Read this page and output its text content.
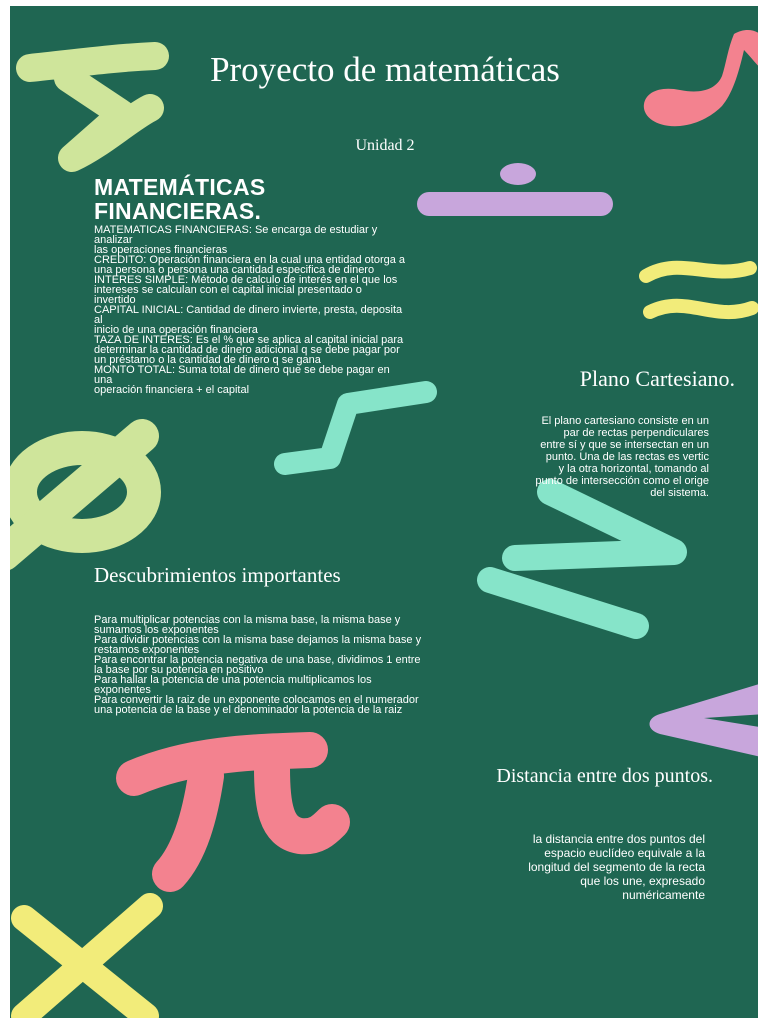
Proyecto de matemáticas
Unidad 2
MATEMÁTICAS FINANCIERAS.
MATEMATICAS FINANCIERAS: Se encarga de estudiar y
analizar
las operaciones financieras
CREDITO: Operación financiera en la cual una entidad otorga a
una persona o persona una cantidad especifica de dinero
INTERES SIMPLE: Método de calculo de interés en el que los
intereses se calculan con el capital inicial presentado o
invertido
CAPITAL INICIAL: Cantidad de dinero invierte, presta, deposita
al
inicio de una operación financiera
TAZA DE INTERES: Es el % que se aplica al capital inicial para
determinar la cantidad de dinero adicional q se debe pagar por
un préstamo o la cantidad de dinero q se gana
MONTO TOTAL: Suma total de dinero que se debe pagar en
una
operación financiera + el capital	Plano Cartesiano.
El plano cartesiano consiste en un
par de rectas perpendiculares
entre sí y que se intersectan en un
punto. Una de las rectas es vertic
y la otra horizontal, tomando al
punto de intersección como el orige
del sistema.
Descubrimientos importantes
Para multiplicar potencias con la misma base, la misma base y
sumamos los exponentes
Para dividir potencias con la misma base dejamos la misma base y
restamos exponentes
Para encontrar la potencia negativa de una base, dividimos 1 entre
la base por su potencia en positivo
Para hallar la potencia de una potencia multiplicamos los
exponentes
Para convertir la raiz de un exponente colocamos en el numerador
una potencia de la base y el denominador la potencia de la raiz
Distancia entre dos puntos.
la distancia entre dos puntos del
espacio euclídeo equivale a la
longitud del segmento de la recta
que los une, expresado
numéricamente
